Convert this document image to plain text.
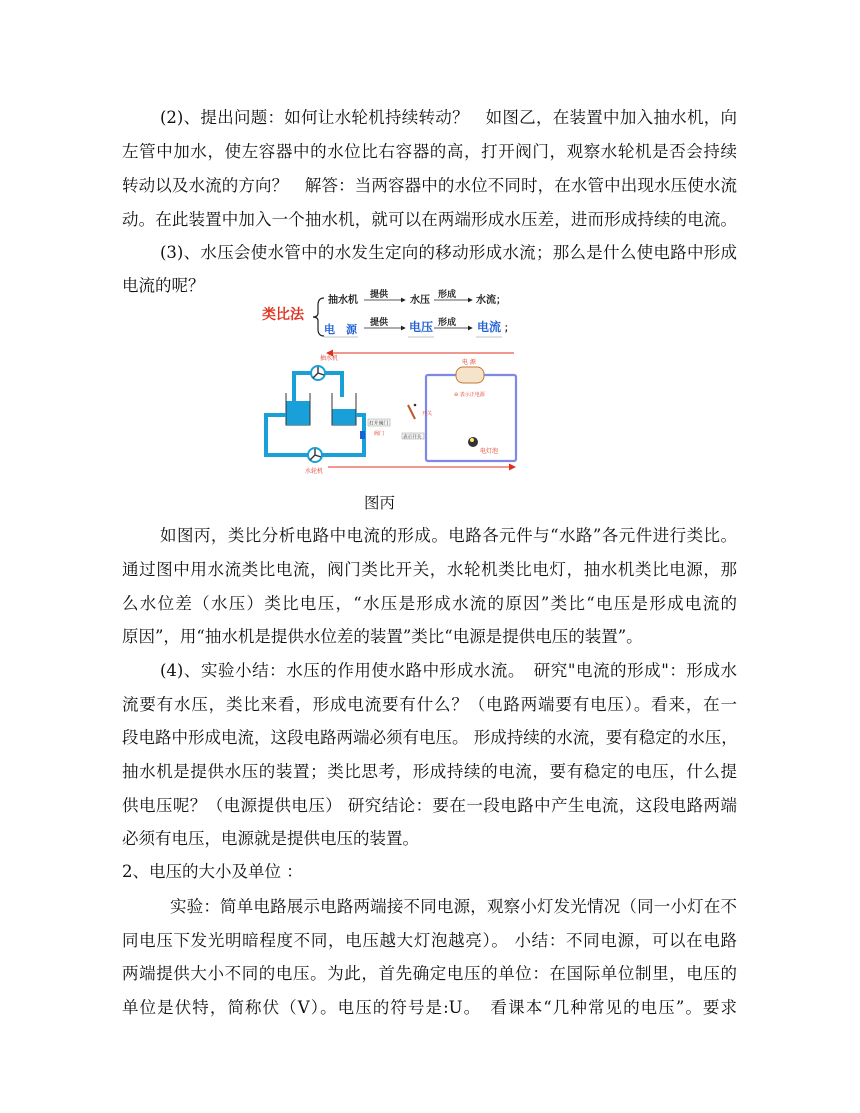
(2)、提出问题：如何让水轮机持续转动？　如图乙，在装置中加入抽水机，向
左管中加水，使左容器中的水位比右容器的高，打开阀门，观察水轮机是否会持续
转动以及水流的方向？　解答：当两容器中的水位不同时，在水管中出现水压使水流
动。在此装置中加入一个抽水机，就可以在两端形成水压差，进而形成持续的电流。
(3)、水压会使水管中的水发生定向的移动形成水流；那么是什么使电路中形成
电流的呢？
类比法
抽水机 提供 水压 形成 水流；
电　源 提供 电压 形成 电流 ；
抽水机
水轮机
打开阀门
阀门
电 源
⊖ 表示正电源
开关
表示开关
电灯泡
图丙
如图丙，类比分析电路中电流的形成。电路各元件与“水路”各元件进行类比。
通过图中用水流类比电流，阀门类比开关，水轮机类比电灯，抽水机类比电源，那
么水位差（水压）类比电压，“水压是形成水流的原因”类比“电压是形成电流的
原因”，用“抽水机是提供水位差的装置”类比“电源是提供电压的装置”。
(4)、实验小结：水压的作用使水路中形成水流。　研究"电流的形成"：形成水
流要有水压，类比来看，形成电流要有什么？（电路两端要有电压）。看来，在一
段电路中形成电流，这段电路两端必须有电压。 形成持续的水流，要有稳定的水压，
抽水机是提供水压的装置；类比思考，形成持续的电流，要有稳定的电压，什么提
供电压呢？（电源提供电压） 研究结论：要在一段电路中产生电流，这段电路两端
必须有电压，电源就是提供电压的装置。
2、电压的大小及单位 ：
实验：简单电路展示电路两端接不同电源，观察小灯发光情况（同一小灯在不
同电压下发光明暗程度不同，电压越大灯泡越亮）。 小结：不同电源，可以在电路
两端提供大小不同的电压。为此，首先确定电压的单位：在国际单位制里，电压的
单位是伏特，简称伏（V）。电压的符号是:U。　看课本“几种常见的电压”。要求
